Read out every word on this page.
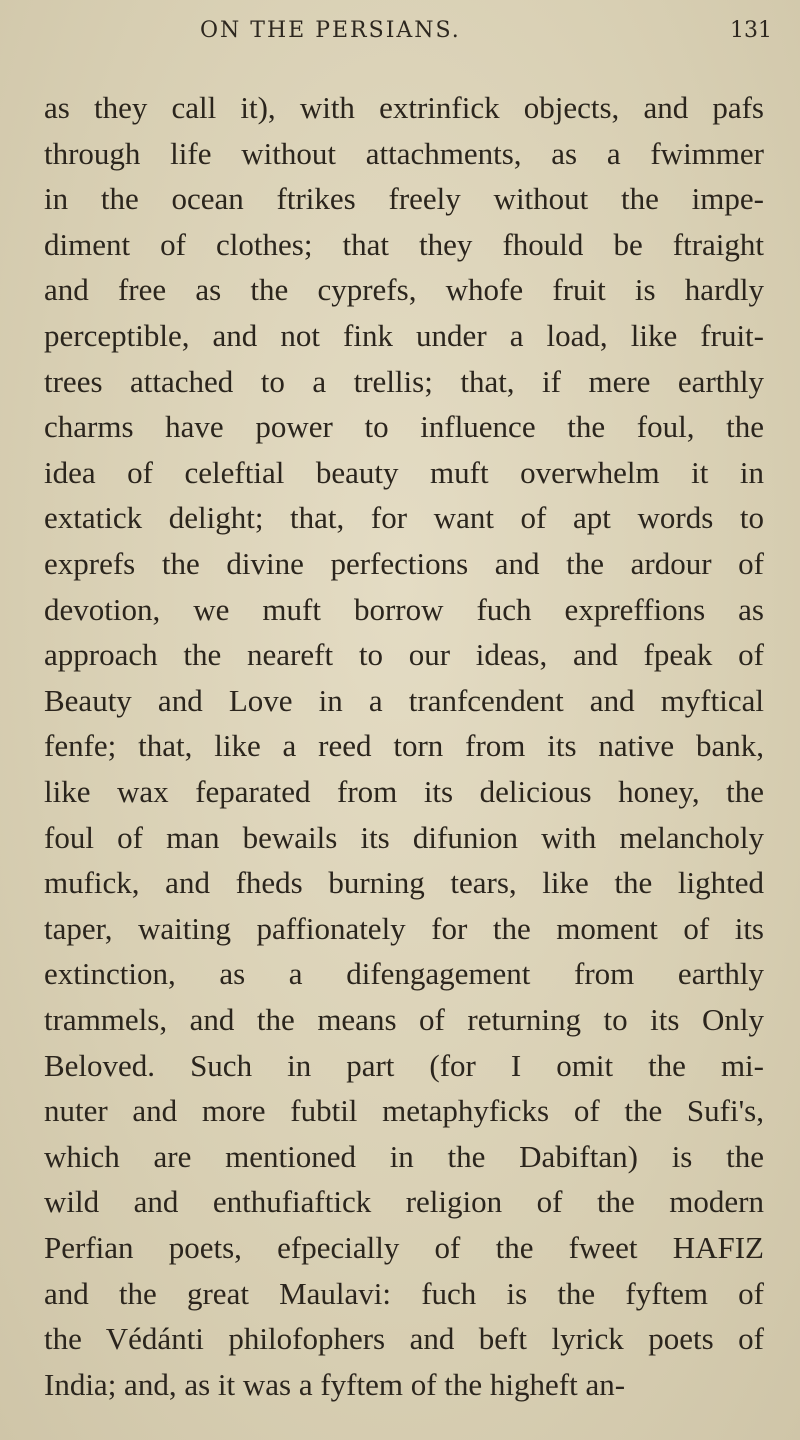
ON THE PERSIANS.	131
as they call it), with extrinfick objects, and pafs
through life without attachments, as a fwimmer
in the ocean ftrikes freely without the impe-
diment of clothes; that they fhould be ftraight
and free as the cyprefs, whofe fruit is hardly
perceptible, and not fink under a load, like fruit-
trees attached to a trellis; that, if mere earthly
charms have power to influence the foul, the
idea of celeftial beauty muft overwhelm it in
extatick delight; that, for want of apt words to
exprefs the divine perfections and the ardour of
devotion, we muft borrow fuch expreffions as
approach the neareft to our ideas, and fpeak of
Beauty and Love in a tranfcendent and myftical
fenfe; that, like a reed torn from its native bank,
like wax feparated from its delicious honey, the
foul of man bewails its difunion with melancholy
mufick, and fheds burning tears, like the lighted
taper, waiting paffionately for the moment of its
extinction, as a difengagement from earthly
trammels, and the means of returning to its Only
Beloved. Such in part (for I omit the mi-
nuter and more fubtil metaphyficks of the Sufi's,
which are mentioned in the Dabiftan) is the
wild and enthufiaftick religion of the modern
Perfian poets, efpecially of the fweet HAFIZ
and the great Maulavi: fuch is the fyftem of
the Védánti philofophers and beft lyrick poets of
India; and, as it was a fyftem of the higheft an-
